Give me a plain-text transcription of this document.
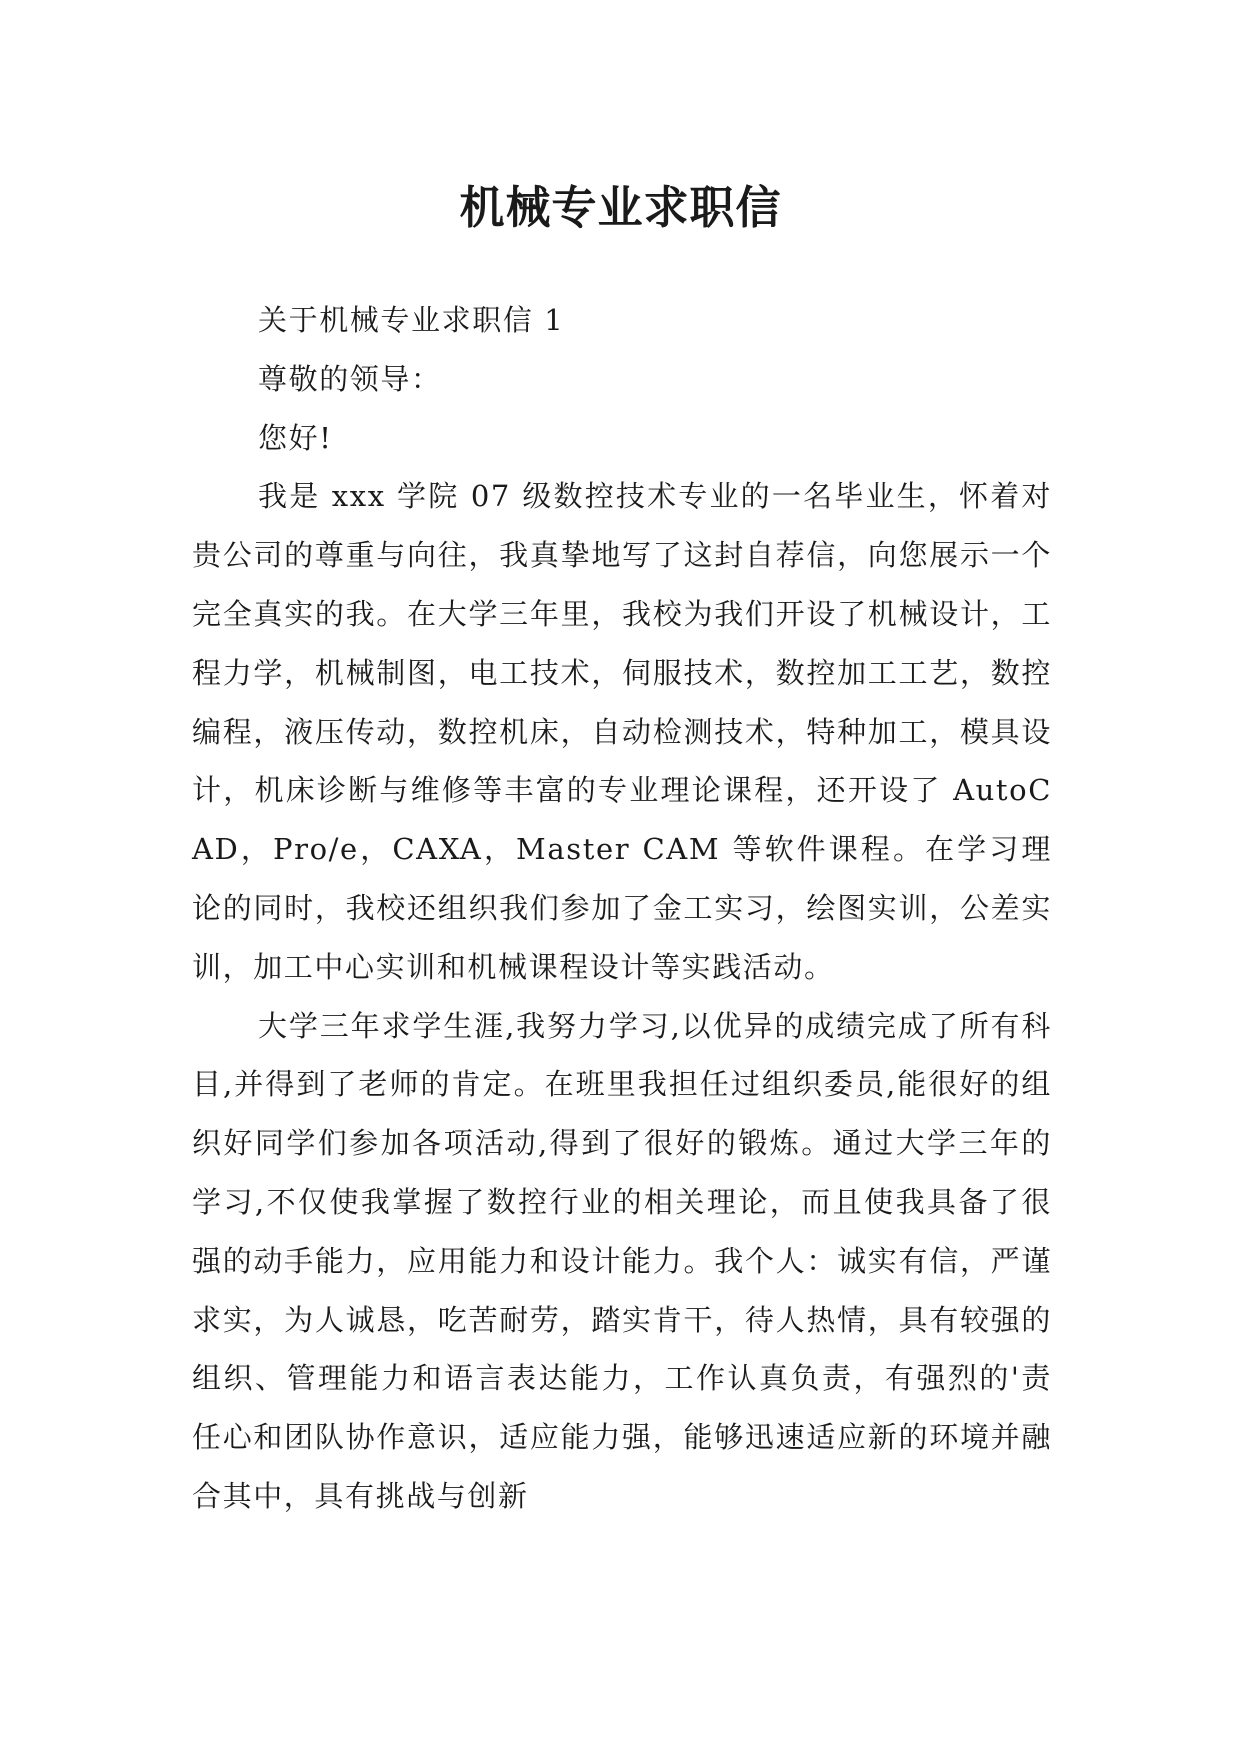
机械专业求职信

关于机械专业求职信 1

尊敬的领导：

您好!

我是 xxx 学院 07 级数控技术专业的一名毕业生，怀着对贵公司的尊重与向往，我真挚地写了这封自荐信，向您展示一个完全真实的我。在大学三年里，我校为我们开设了机械设计，工程力学，机械制图，电工技术，伺服技术，数控加工工艺，数控编程，液压传动，数控机床，自动检测技术，特种加工，模具设计，机床诊断与维修等丰富的专业理论课程，还开设了 AutoCAD，Pro/e，CAXA，Master CAM 等软件课程。在学习理论的同时，我校还组织我们参加了金工实习，绘图实训，公差实训，加工中心实训和机械课程设计等实践活动。

大学三年求学生涯,我努力学习,以优异的成绩完成了所有科目,并得到了老师的肯定。在班里我担任过组织委员,能很好的组织好同学们参加各项活动,得到了很好的锻炼。通过大学三年的学习,不仅使我掌握了数控行业的相关理论，而且使我具备了很强的动手能力，应用能力和设计能力。我个人：诚实有信，严谨求实，为人诚恳，吃苦耐劳，踏实肯干，待人热情，具有较强的组织、管理能力和语言表达能力，工作认真负责，有强烈的'责任心和团队协作意识，适应能力强，能够迅速适应新的环境并融合其中，具有挑战与创新
